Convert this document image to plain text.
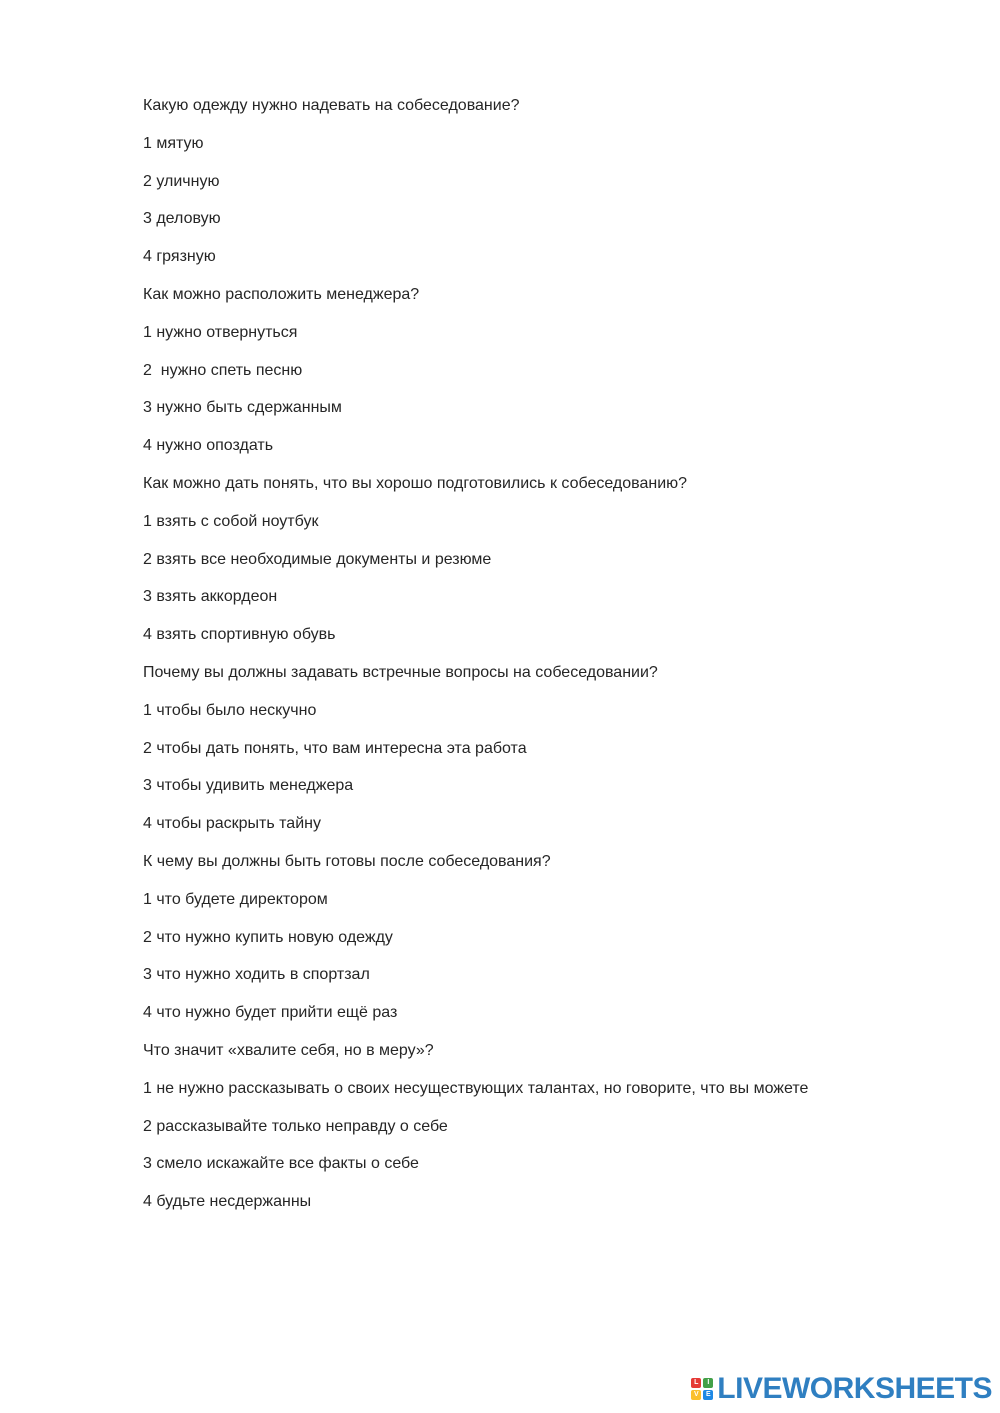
Какую одежду нужно надевать на собеседование?
1 мятую
2 уличную
3 деловую
4 грязную
Как можно расположить менеджера?
1 нужно отвернуться
2  нужно спеть песню
3 нужно быть сдержанным
4 нужно опоздать
Как можно дать понять, что вы хорошо подготовились к собеседованию?
1 взять с собой ноутбук
2 взять все необходимые документы и резюме
3 взять аккордеон
4 взять спортивную обувь
Почему вы должны задавать встречные вопросы на собеседовании?
1 чтобы было нескучно
2 чтобы дать понять, что вам интересна эта работа
3 чтобы удивить менеджера
4 чтобы раскрыть тайну
К чему вы должны быть готовы после собеседования?
1 что будете директором
2 что нужно купить новую одежду
3 что нужно ходить в спортзал
4 что нужно будет прийти ещё раз
Что значит «хвалите себя, но в меру»?
1 не нужно рассказывать о своих несуществующих талантах, но говорите, что вы можете
2 рассказывайте только неправду о себе
3 смело искажайте все факты о себе
4 будьте несдержанны
L	I
V	E LIVEWORKSHEETS
